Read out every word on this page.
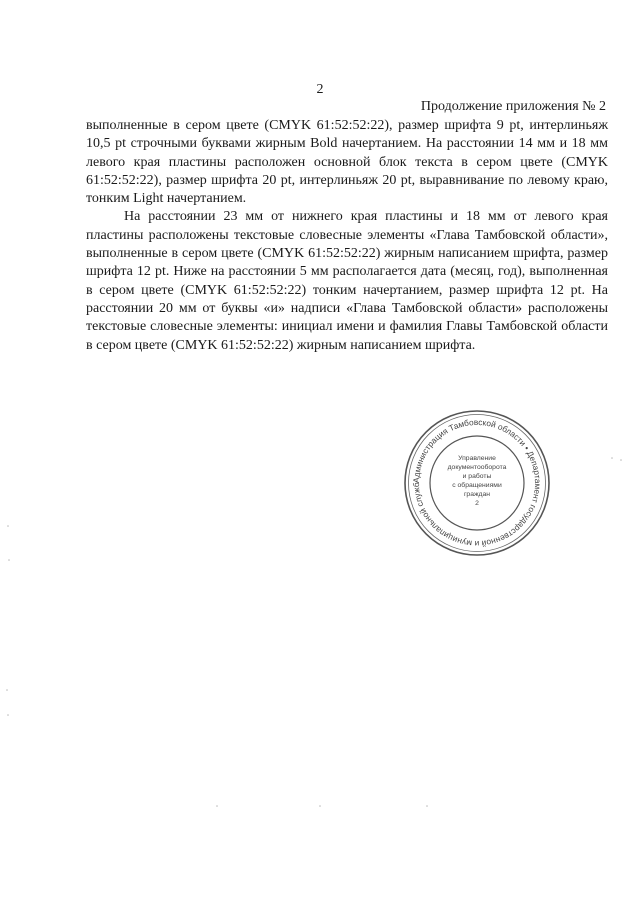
2
Продолжение приложения № 2

выполненные в сером цвете (CMYK 61:52:52:22), размер шрифта 9 pt, интерлиньяж 10,5 pt строчными буквами жирным Bold начертанием. На расстоянии 14 мм и 18 мм левого края пластины расположен основной блок текста в сером цвете (CMYK 61:52:52:22), размер шрифта 20 pt, интерлиньяж 20 pt, выравнивание по левому краю, тонким Light начертанием.

На расстоянии 23 мм от нижнего края пластины и 18 мм от левого края пластины расположены текстовые словесные элементы «Глава Тамбовской области», выполненные в сером цвете (CMYK 61:52:52:22) жирным написанием шрифта, размер шрифта 12 pt. Ниже на расстоянии 5 мм располагается дата (месяц, год), выполненная в сером цвете (CMYK 61:52:52:22) тонким начертанием, размер шрифта 12 pt. На расстоянии 20 мм от буквы «и» надписи «Глава Тамбовской области» расположены текстовые словесные элементы: инициал имени и фамилия Главы Тамбовской области в сером цвете (CMYK 61:52:52:22) жирным написанием шрифта.

Администрация Тамбовской области • Департамент государственной и муниципальной служб
Управление
документооборота
и работы
с обращениями
граждан
2
